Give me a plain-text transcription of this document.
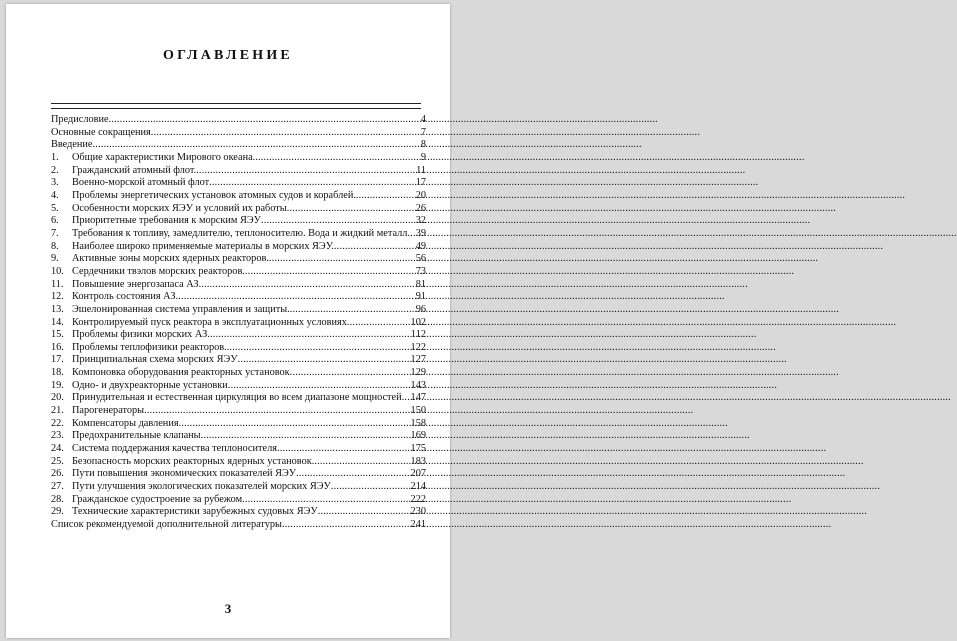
ОГЛАВЛЕНИЕ
Предисловие .....	4
Основные сокращения .....	7
Введение .....	8
1.	Общие характеристики Мирового океана. .....	9
2.	Гражданский атомный флот. .....	11
3.	Военно-морской атомный флот .....	17
4.	Проблемы энергетических установок атомных судов и кораблей. .....	20
5.	Особенности морских ЯЭУ и условий их работы .....	26
6.	Приоритетные требования к морским ЯЭУ .....	32
7.	Требования к топливу, замедлителю, теплоносителю. Вода и жидкий металл ..... 39
8.	Наиболее широко применяемые материалы в морских ЯЭУ. .....	49
9.	Активные зоны морских ядерных реакторов. .....	56
10. Сердечники твэлов морских реакторов. .....	73
11. Повышение энергозапаса АЗ .....	81
12. Контроль состояния АЗ .....	91
13. Эшелонированная система управления и защиты. .....	96
14. Контролируемый пуск реактора в эксплуатационных условиях .....	102
15. Проблемы физики морских АЗ .....	112
16. Проблемы теплофизики реакторов. .....	122
17. Принципиальная схема морских ЯЭУ .....	127
18. Компоновка оборудования реакторных установок .....	129
19. Одно- и двухреакторные установки .....	143
20. Принудительная и естественная циркуляция во всем диапазоне мощностей ..... 147
21. Парогенераторы .....	150
22. Компенсаторы давления .....	158
23. Предохранительные клапаны .....	169
24. Система поддержания качества теплоносителя .....	175
25. Безопасность морских реакторных ядерных установок. .....	183
26. Пути повышения экономических показателей ЯЭУ .....	207
27. Пути улучшения экологических показателей морских ЯЭУ .....	214
28. Гражданское судостроение за рубежом .....	222
29. Технические характеристики зарубежных судовых ЯЭУ .....	230
Список рекомендуемой дополнительной литературы .....	241
3
